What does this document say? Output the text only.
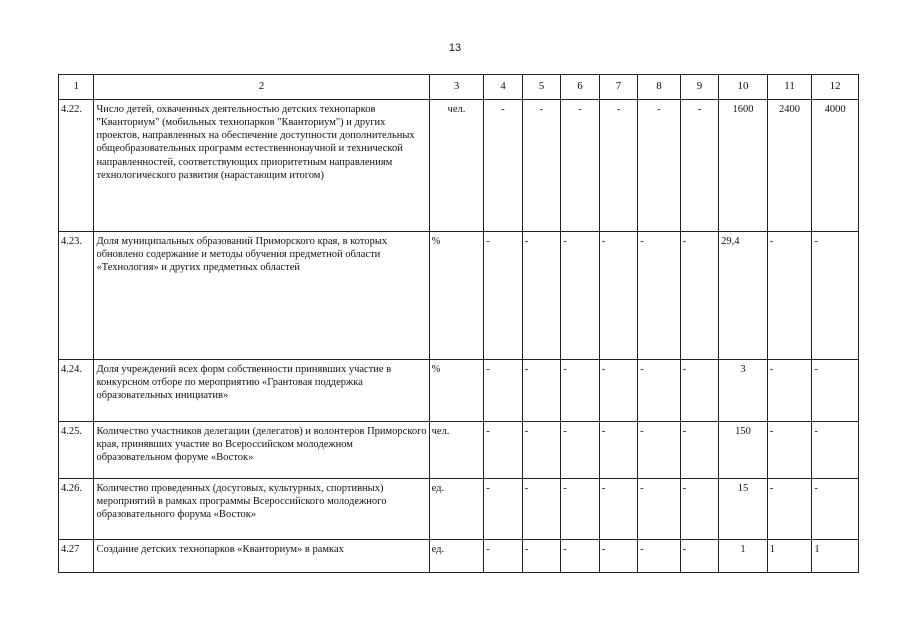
13
1	2	3	4	5	6	7	8	9	10	11	12
4.22.	Число детей, охваченных деятельностью детских технопарков "Кванториум" (мобильных технопарков "Кванториум") и других проектов, направленных на обеспечение доступности дополнительных общеобразовательных программ естественнонаучной и технической направленностей, соответствующих приоритетным направлениям технологического развития (нарастающим итогом)	чел.	-	-	-	-	-	-	1600	2400	4000
4.23.	Доля муниципальных образований Приморского края, в которых обновлено содержание и методы обучения предметной области «Технология» и других предметных областей	%	-	-	-	-	-	-	29,4	-	-
4.24.	Доля учреждений всех форм собственности принявших участие в конкурсном отборе по мероприятию «Грантовая поддержка образовательных инициатив»	%	-	-	-	-	-	-	3	-	-
4.25.	Количество участников делегации (делегатов) и волонтеров Приморского края, принявших участие во Всероссийском молодежном образовательном форуме «Восток»	чел.	-	-	-	-	-	-	150	-	-
4.26.	Количество проведенных (досуговых, культурных, спортивных) мероприятий в рамках программы Всероссийского молодежного образовательного форума «Восток»	ед.	-	-	-	-	-	-	15	-	-
4.27	Создание детских технопарков «Кванториум» в рамках	ед.	-	-	-	-	-	-	1	1	1
